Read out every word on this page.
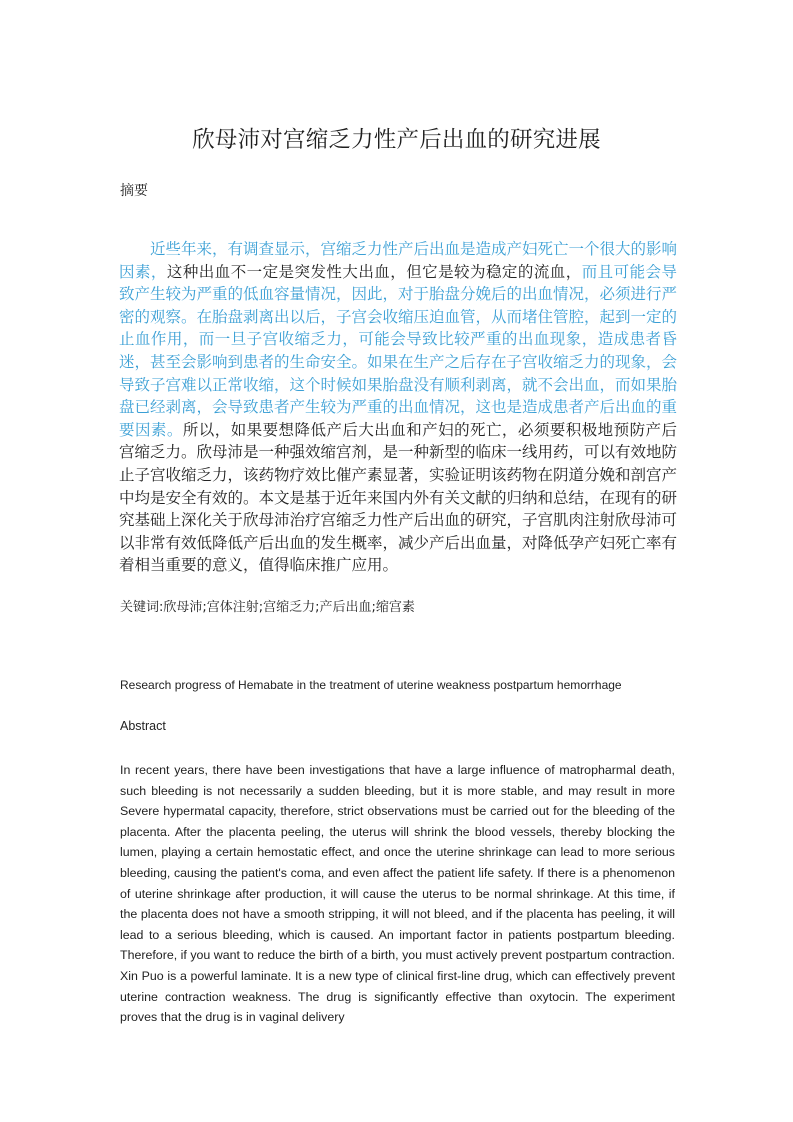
欣母沛对宫缩乏力性产后出血的研究进展
摘要

近些年来，有调查显示，宫缩乏力性产后出血是造成产妇死亡一个很大的影响因素，这种出血不一定是突发性大出血，但它是较为稳定的流血，而且可能会导致产生较为严重的低血容量情况，因此，对于胎盘分娩后的出血情况，必须进行严密的观察。在胎盘剥离出以后，子宫会收缩压迫血管，从而堵住管腔，起到一定的止血作用，而一旦子宫收缩乏力，可能会导致比较严重的出血现象，造成患者昏迷，甚至会影响到患者的生命安全。如果在生产之后存在子宫收缩乏力的现象，会导致子宫难以正常收缩，这个时候如果胎盘没有顺利剥离，就不会出血，而如果胎盘已经剥离，会导致患者产生较为严重的出血情况，这也是造成患者产后出血的重要因素。所以，如果要想降低产后大出血和产妇的死亡，必须要积极地预防产后宫缩乏力。欣母沛是一种强效缩宫剂，是一种新型的临床一线用药，可以有效地防止子宫收缩乏力，该药物疗效比催产素显著，实验证明该药物在阴道分娩和剖宫产中均是安全有效的。本文是基于近年来国内外有关文献的归纳和总结，在现有的研究基础上深化关于欣母沛治疗宫缩乏力性产后出血的研究，子宫肌肉注射欣母沛可以非常有效低降低产后出血的发生概率，减少产后出血量，对降低孕产妇死亡率有着相当重要的意义，值得临床推广应用。

关键词:欣母沛;宫体注射;宫缩乏力;产后出血;缩宫素
Research progress of Hemabate in the treatment of uterine weakness postpartum hemorrhage
Abstract

In recent years, there have been investigations that have a large influence of matropharmal death, such bleeding is not necessarily a sudden bleeding, but it is more stable, and may result in more Severe hypermatal capacity, therefore, strict observations must be carried out for the bleeding of the placenta. After the placenta peeling, the uterus will shrink the blood vessels, thereby blocking the lumen, playing a certain hemostatic effect, and once the uterine shrinkage can lead to more serious bleeding, causing the patient's coma, and even affect the patient life safety. If there is a phenomenon of uterine shrinkage after production, it will cause the uterus to be normal shrinkage. At this time, if the placenta does not have a smooth stripping, it will not bleed, and if the placenta has peeling, it will lead to a serious bleeding, which is caused. An important factor in patients postpartum bleeding. Therefore, if you want to reduce the birth of a birth, you must actively prevent postpartum contraction. Xin Puo is a powerful laminate. It is a new type of clinical first-line drug, which can effectively prevent uterine contraction weakness. The drug is significantly effective than oxytocin. The experiment proves that the drug is in vaginal delivery
